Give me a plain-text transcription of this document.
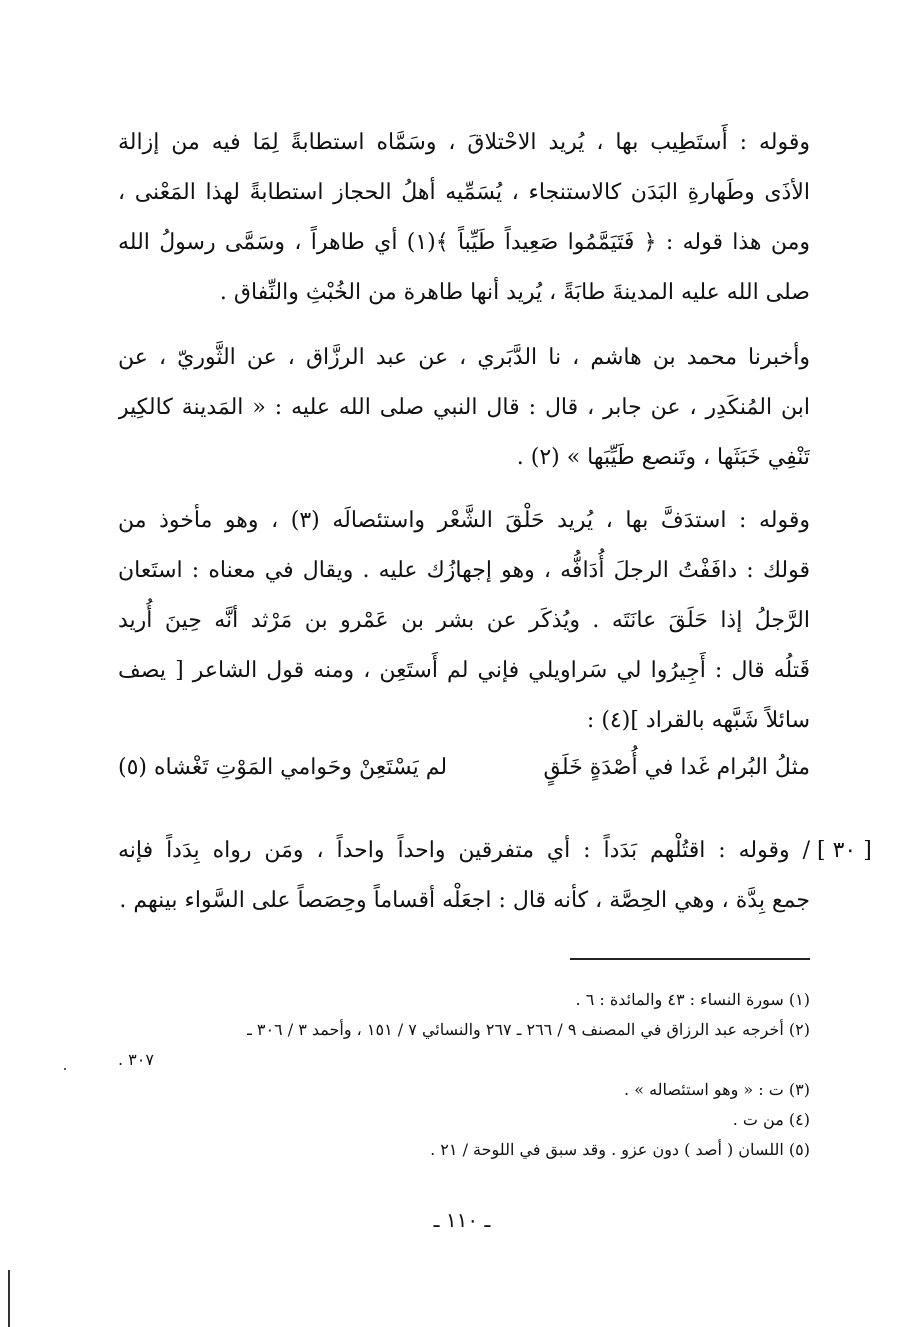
وقوله : أَستَطِيب بها ، يُريد الاحْتلاقَ ، وسَمَّاه استطابةً لِمَا فيه من إزالة
الأذَى وطَهارةِ البَدَن كالاستنجاء ، يُسَمِّيه أهلُ الحجاز استطابةً لهذا المَعْنى ،
ومن هذا قوله : ﴿ فَتَيَمَّمُوا صَعِيداً طَيِّباً ﴾(١) أي طاهراً ، وسَمَّى رسولُ الله
صلى الله عليه المدينةَ طابَةً ، يُريد أنها طاهرة من الخُبْثِ والنِّفاق .
وأخبرنا محمد بن هاشم ، نا الدَّبَري ، عن عبد الرزَّاق ، عن الثَّوريّ ، عن
ابن المُنكَدِر ، عن جابر ، قال : قال النبي صلى الله عليه : « المَدينة كالكِير
تَنْفِي خَبَثَها ، وتَنصع طَيِّبَها » (٢) .
وقوله : استدَفَّ بها ، يُريد حَلْقَ الشَّعْر واستئصالَه (٣) ، وهو مأخوذ من
قولك : دافَفْتُ الرجلَ أُدَافُّه ، وهو إجهازُك عليه . ويقال في معناه : استَعان
الرَّجلُ إذا حَلَقَ عانَتَه . ويُذكَر عن بشر بن عَمْرو بن مَرْثد أنَّه حِينَ أُريد
قَتلُه قال : أَجِيرُوا لي سَراويلي فإني لم أَستَعِن ، ومنه قول الشاعر [ يصف
سائلاً شَبَّهه بالقراد ](٤) :
مثلُ البُرام غَدا في أُصْدَةٍ خَلَقٍ
لم يَسْتَعِنْ وحَوامي المَوْتِ تَغْشاه (٥)
[ ٣٠ ]
/ وقوله : اقتُلْهم بَدَداً : أي متفرقين واحداً واحداً ، ومَن رواه بِدَداً فإنه
جمع بِدَّة ، وهي الحِصَّة ، كأنه قال : اجعَلْه أقساماً وحِصَصاً على السَّواء بينهم .
(١) سورة النساء : ٤٣ والمائدة : ٦ .
(٢) أخرجه عبد الرزاق في المصنف ٩ / ٢٦٦ ـ ٢٦٧ والنسائي ٧ / ١٥١ ، وأحمد ٣ / ٣٠٦ ـ
٣٠٧ .
(٣) ت : « وهو استئصاله » .
(٤) من ت .
(٥) اللسان ( أصد ) دون عزو . وقد سبق في اللوحة / ٢١ .
ـ ١١٠ ـ
